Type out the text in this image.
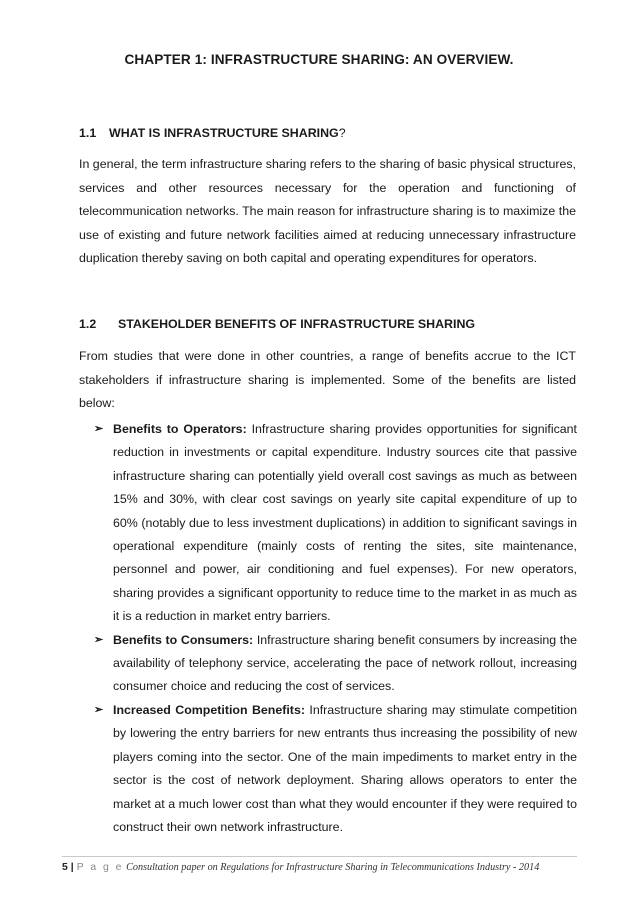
CHAPTER 1: INFRASTRUCTURE SHARING: AN OVERVIEW.
1.1 WHAT IS INFRASTRUCTURE SHARING?

In general, the term infrastructure sharing refers to the sharing of basic physical structures, services and other resources necessary for the operation and functioning of telecommunication networks. The main reason for infrastructure sharing is to maximize the use of existing and future network facilities aimed at reducing unnecessary infrastructure duplication thereby saving on both capital and operating expenditures for operators.

1.2 STAKEHOLDER BENEFITS OF INFRASTRUCTURE SHARING

From studies that were done in other countries, a range of benefits accrue to the ICT stakeholders if infrastructure sharing is implemented. Some of the benefits are listed below:

➢ Benefits to Operators: Infrastructure sharing provides opportunities for significant reduction in investments or capital expenditure. Industry sources cite that passive infrastructure sharing can potentially yield overall cost savings as much as between 15% and 30%, with clear cost savings on yearly site capital expenditure of up to 60% (notably due to less investment duplications) in addition to significant savings in operational expenditure (mainly costs of renting the sites, site maintenance, personnel and power, air conditioning and fuel expenses). For new operators, sharing provides a significant opportunity to reduce time to the market in as much as it is a reduction in market entry barriers.
➢ Benefits to Consumers: Infrastructure sharing benefit consumers by increasing the availability of telephony service, accelerating the pace of network rollout, increasing consumer choice and reducing the cost of services.
➢ Increased Competition Benefits: Infrastructure sharing may stimulate competition by lowering the entry barriers for new entrants thus increasing the possibility of new players coming into the sector. One of the main impediments to market entry in the sector is the cost of network deployment. Sharing allows operators to enter the market at a much lower cost than what they would encounter if they were required to construct their own network infrastructure.
5 | P a g e Consultation paper on Regulations for Infrastructure Sharing in Telecommunications Industry - 2014
